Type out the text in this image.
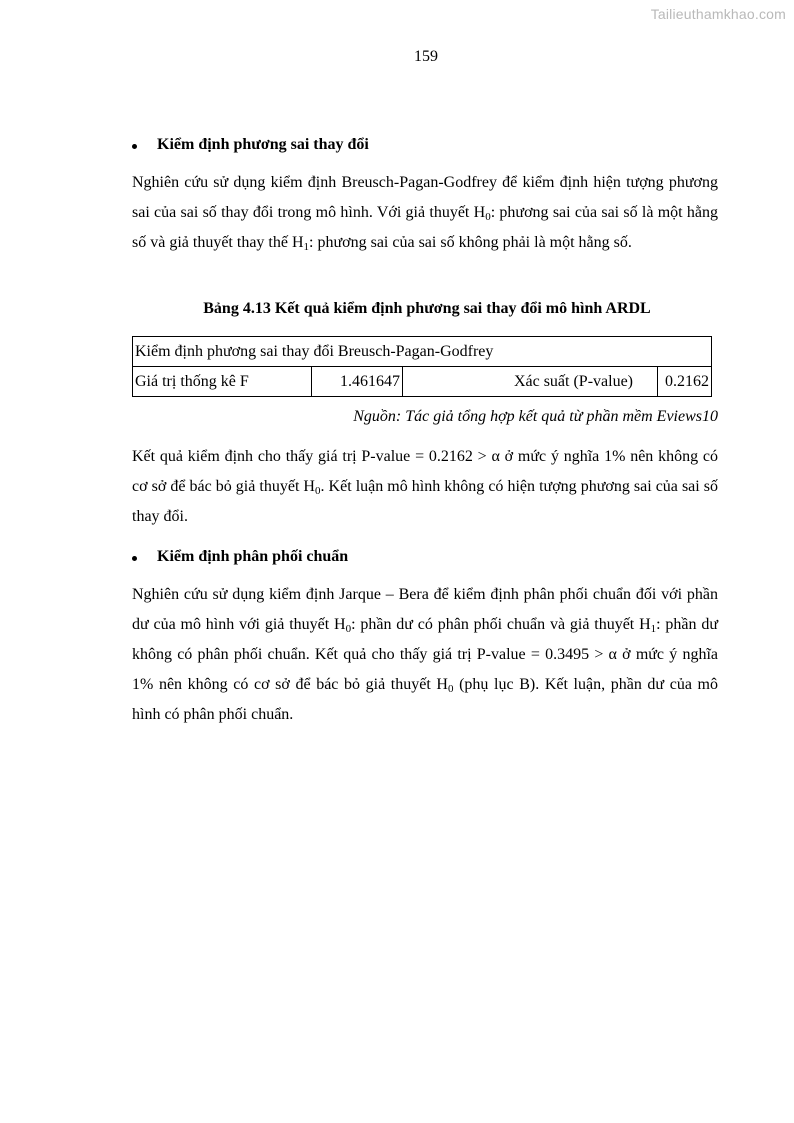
Tailieuthamkhao.com
159
Kiểm định phương sai thay đổi
Nghiên cứu sử dụng kiểm định Breusch-Pagan-Godfrey để kiểm định hiện tượng phương sai của sai số thay đổi trong mô hình. Với giả thuyết $H_0$: phương sai của sai số là một hằng số và giả thuyết thay thế $H_1$: phương sai của sai số không phải là một hằng số.
Bảng 4.13 Kết quả kiểm định phương sai thay đổi mô hình ARDL
Kiểm định phương sai thay đổi Breusch-Pagan-Godfrey
Giá trị thống kê F	1.461647	Xác suất (P-value)	0.2162
Nguồn: Tác giả tổng hợp kết quả từ phần mềm Eviews10
Kết quả kiểm định cho thấy giá trị P-value = 0.2162 > α ở mức ý nghĩa 1% nên không có cơ sở để bác bỏ giả thuyết $H_0$. Kết luận mô hình không có hiện tượng phương sai của sai số thay đổi.
Kiểm định phân phối chuẩn
Nghiên cứu sử dụng kiểm định Jarque – Bera để kiểm định phân phối chuẩn đối với phần dư của mô hình với giả thuyết $H_0$: phần dư có phân phối chuẩn và giả thuyết $H_1$: phần dư không có phân phối chuẩn. Kết quả cho thấy giá trị P-value = 0.3495 > α ở mức ý nghĩa 1% nên không có cơ sở để bác bỏ giả thuyết $H_0$ (phụ lục B). Kết luận, phần dư của mô hình có phân phối chuẩn.
